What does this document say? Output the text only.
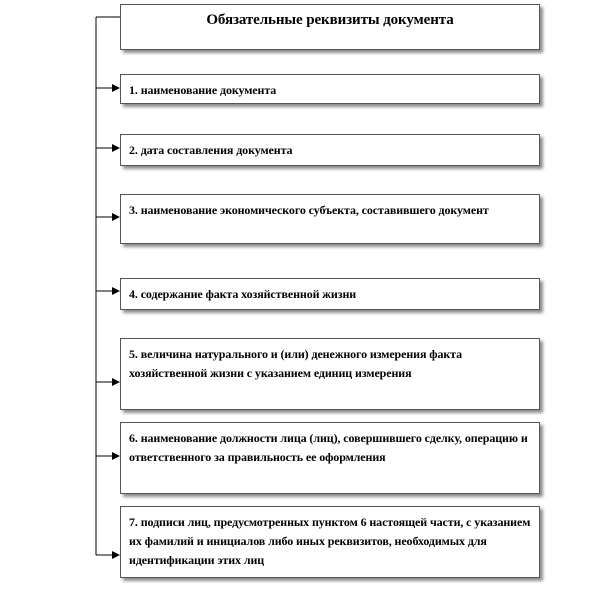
Обязательные реквизиты документа
1. наименование документа
2. дата составления документа
3. наименование экономического субъекта, составившего документ
4. содержание факта хозяйственной жизни
5. величина натурального и (или) денежного измерения факта хозяйственной жизни с указанием единиц измерения
6. наименование должности лица (лиц), совершившего сделку, операцию и ответственного за правильность ее оформления
7. подписи лиц, предусмотренных пунктом 6 настоящей части, с указанием их фамилий и инициалов либо иных реквизитов, необходимых для идентификации этих лиц
